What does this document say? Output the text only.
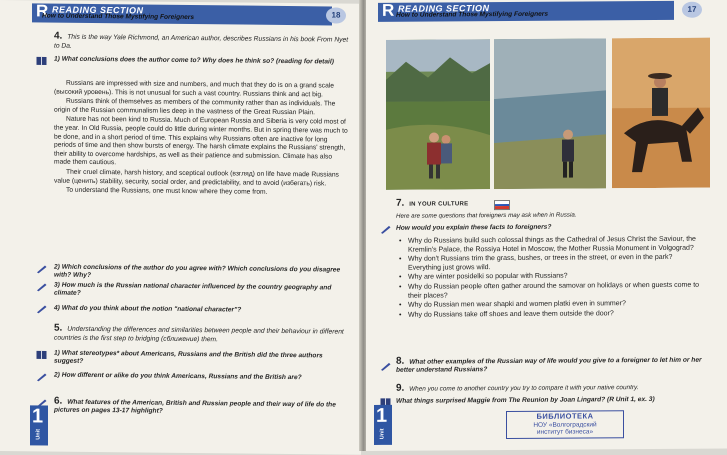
R READING SECTION	18
How to Understand Those Mystifying Foreigners
4. This is the way Yale Richmond, an American author, describes Russians in his book From Nyet to Da.
1) What conclusions does the author come to? Why does he think so? (reading for detail)

Russians are impressed with size and numbers, and much that they do is on a grand scale (высокий уровень). This is not unusual for such a vast country. Russians think and act big.

Russians think of themselves as members of the community rather than as individuals. The origin of the Russian communalism lies deep in the vastness of the Great Russian Plain.

Nature has not been kind to Russia. Much of European Russia and Siberia is very cold most of the year. In Old Russia, people could do little during winter months. But in spring there was much to be done, and in a short period of time. This explains why Russians often are inactive for long periods of time and then show bursts of energy. The harsh climate explains the Russians' strength, their ability to overcome hardships, as well as their patience and submission. Climate has also made them cautious.

Their cruel climate, harsh history, and sceptical outlook (взгляд) on life have made Russians value (ценить) stability, security, social order, and predictability, and to avoid (избегать) risk.

To understand the Russians, one must know where they come from.

2) Which conclusions of the author do you agree with? Which conclusions do you disagree with? Why?
3) How much is the Russian national character influenced by the country geography and climate?
4) What do you think about the notion "national character"?
5. Understanding the differences and similarities between people and their behaviour in different countries is the first step to bridging (сближение) them.
1) What stereotypes* about Americans, Russians and the British did the three authors suggest?
2) How different or alike do you think Americans, Russians and the British are?
6. What features of the American, British and Russian people and their way of life do the pictures on pages 13-17 highlight?
1
Unit
R READING SECTION	17
How to Understand Those Mystifying Foreigners
7. IN YOUR CULTURE
Here are some questions that foreigners may ask when in Russia.
How would you explain these facts to foreigners?
• Why do Russians build such colossal things as the Cathedral of Jesus Christ the Saviour, the Kremlin's Palace, the Rossiya Hotel in Moscow, the Mother Russia Monument in Volgograd?
• Why don't Russians trim the grass, bushes, or trees in the street, or even in the park? Everything just grows wild.
• Why are winter posidelki so popular with Russians?
• Why do Russian people often gather around the samovar on holidays or when guests come to their places?
• Why do Russian men wear shapki and women platki even in summer?
• Why do Russians take off shoes and leave them outside the door?
8. What other examples of the Russian way of life would you give to a foreigner to let him or her better understand Russians?
9. When you come to another country you try to compare it with your native country.
What things surprised Maggie from The Reunion by Joan Lingard? (R Unit 1, ex. 3)
БИБЛИОТЕКА
НОУ «Волгоградский
институт бизнеса»
1
Unit
